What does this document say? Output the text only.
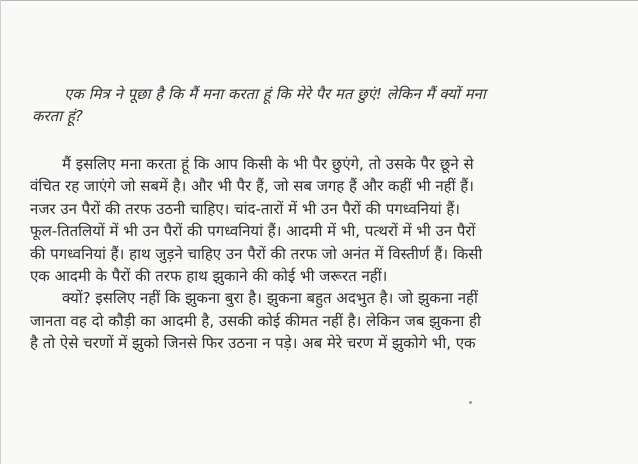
एक मित्र ने पूछा है कि मैं मना करता हूं कि मेरे पैर मत छुएं! लेकिन मैं क्यों मना
करता हूं?
मैं इसलिए मना करता हूं कि आप किसी के भी पैर छुएंगे, तो उसके पैर छूने से
वंचित रह जाएंगे जो सबमें है। और भी पैर हैं, जो सब जगह हैं और कहीं भी नहीं हैं।
नजर उन पैरों की तरफ उठनी चाहिए। चांद-तारों में भी उन पैरों की पगध्वनियां हैं।
फूल-तितलियों में भी उन पैरों की पगध्वनियां हैं। आदमी में भी, पत्थरों में भी उन पैरों
की पगध्वनियां हैं। हाथ जुड़ने चाहिए उन पैरों की तरफ जो अनंत में विस्तीर्ण हैं। किसी
एक आदमी के पैरों की तरफ हाथ झुकाने की कोई भी जरूरत नहीं।
क्यों? इसलिए नहीं कि झुकना बुरा है। झुकना बहुत अदभुत है। जो झुकना नहीं
जानता वह दो कौड़ी का आदमी है, उसकी कोई कीमत नहीं है। लेकिन जब झुकना ही
है तो ऐसे चरणों में झुको जिनसे फिर उठना न पड़े। अब मेरे चरण में झुकोगे भी, एक
